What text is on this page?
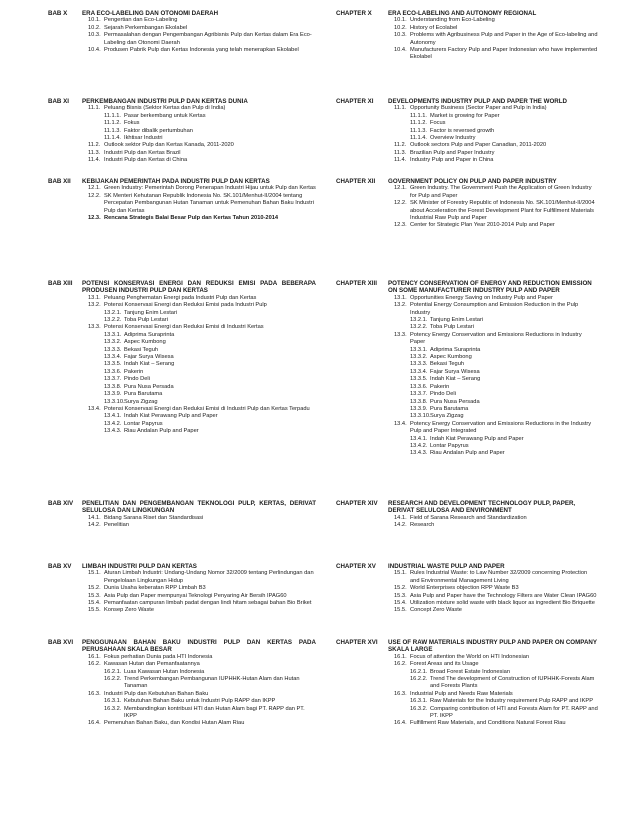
BAB X	ERA ECO-LABELING DAN OTONOMI DAERAH
10.1. Pengertian dan Eco-Labeling
10.2. Sejarah Perkembangan Ekolabel
10.3. Permasalahan dengan Pengembangan Agribisnis Pulp dan Kertas dalam Era Eco-Labeling dan Otonomi Daerah
10.4. Produsen Pabrik Pulp dan Kertas Indonesia yang telah menerapkan Ekolabel
BAB XI	PERKEMBANGAN INDUSTRI PULP DAN KERTAS DUNIA
11.1. Peluang Bisnis (Sektor Kertas dan Pulp di India)
11.1.1. Pasar berkembang untuk Kertas
11.1.2. Fokus
11.1.3. Faktor dibalik pertumbuhan
11.1.4. Ikhtisar Industri
11.2. Outlook sektor Pulp dan Kertas Kanada, 2011-2020
11.3. Industri Pulp dan Kertas Brazil
11.4. Industri Pulp dan Kertas di China
BAB XII	KEBIJAKAN PEMERINTAH PADA INDUSTRI PULP DAN KERTAS
12.1. Green Industry: Pemerintah Dorong Penerapan Industri Hijau untuk Pulp dan Kertas
12.2. SK Menteri Kehutanan Republik Indonesia No. SK.101/Menhut-II/2004 tentang Percepatan Pembangunan Hutan Tanaman untuk Pemenuhan Bahan Baku Industri Pulp dan Kertas
12.3. Rencana Strategis Balai Besar Pulp dan Kertas Tahun 2010-2014
BAB XIII	POTENSI KONSERVASI ENERGI DAN REDUKSI EMISI PADA BEBERAPA PRODUSEN INDUSTRI PULP DAN KERTAS
13.1. Peluang Penghematan Energi pada Industri Pulp dan Kertas
13.2. Potensi Konservasi Energi dan Reduksi Emisi pada Industri Pulp
13.2.1. Tanjung Enim Lestari
13.2.2. Toba Pulp Lestari
13.3. Potensi Konservasi Energi dan Reduksi Emisi di Industri Kertas
13.3.1. Adiprima Suraprinta
13.3.2. Aspec Kumbong
13.3.3. Bekasi Teguh
13.3.4. Fajar Surya Wisesa
13.3.5. Indah Kiat – Serang
13.3.6. Pakerin
13.3.7. Pindo Deli
13.3.8. Pura Nusa Persada
13.3.9. Pura Barutama
13.3.10. Surya Zigzag
13.4. Potensi Konservasi Energi dan Reduksi Emisi di Industri Pulp dan Kertas Terpadu
13.4.1. Indah Kiat Perawang Pulp and Paper
13.4.2. Lontar Papyrus
13.4.3. Riau Andalan Pulp and Paper
BAB XIV	PENELITIAN DAN PENGEMBANGAN TEKNOLOGI PULP, KERTAS, DERIVAT SELULOSA DAN LINGKUNGAN
14.1. Bidang Sarana Riset dan Standardisasi
14.2. Penelitian
BAB XV	LIMBAH INDUSTRI PULP DAN KERTAS
15.1. Aturan Limbah Industri: Undang-Undang Nomor 32/2009 tentang Perlindungan dan Pengelolaan Lingkungan Hidup
15.2. Dunia Usaha keberatan RPP Limbah B3
15.3. Asia Pulp dan Paper mempunyai Teknologi Penyaring Air Bersih IPAG60
15.4. Pemanfaatan campuran limbah padat dengan lindi hitam sebagai bahan Bio Briket
15.5. Konsep Zero Waste
BAB XVI	PENGGUNAAN BAHAN BAKU INDUSTRI PULP DAN KERTAS PADA PERUSAHAAN SKALA BESAR
16.1. Fokus perhatian Dunia pada HTI Indonesia
16.2. Kawasan Hutan dan Pemanfaatannya
16.2.1. Luas Kawasan Hutan Indonesia
16.2.2. Trend Perkembangan Pembangunan IUPHHK-Hutan Alam dan Hutan Tanaman
16.3. Industri Pulp dan Kebutuhan Bahan Baku
16.3.1. Kebutuhan Bahan Baku untuk Industri Pulp RAPP dan IKPP
16.3.2. Membandingkan kontribusi HTI dan Hutan Alam bagi PT. RAPP dan PT. IKPP
16.4. Pemenuhan Bahan Baku, dan Kondisi Hutan Alam Riau
CHAPTER X	ERA ECO-LABELING AND AUTONOMY REGIONAL
10.1. Understanding from Eco-Labeling
10.2. History of Ecolabel
10.3. Problems with Agribusiness Pulp and Paper in the Age of Eco-labeling and Autonomy
10.4. Manufacturers Factory Pulp and Paper Indonesian who have implemented Ekolabel
CHAPTER XI	DEVELOPMENTS INDUSTRY PULP AND PAPER THE WORLD
11.1. Opportunity Business (Sector Paper and Pulp in India)
11.1.1. Market is growing for Paper
11.1.2. Focus
11.1.3. Factor is reversed growth
11.1.4. Overview Industry
11.2. Outlook sectors Pulp and Paper Canadian, 2011-2020
11.3. Brazilian Pulp and Paper Industry
11.4. Industry Pulp and Paper in China
CHAPTER XII	GOVERNMENT POLICY ON PULP AND PAPER INDUSTRY
12.1. Green Industry. The Government Push the Application of Green Industry for Pulp and Paper
12.2. SK Minister of Forestry Republic of Indonesia No. SK.101/Menhut-II/2004 about Acceleration the Forest Development Plant for Fulfillment Materials Industrial Raw Pulp and Paper
12.3. Center for Strategic Plan Year 2010-2014 Pulp and Paper
CHAPTER XIII	POTENCY CONSERVATION OF ENERGY AND REDUCTION EMISSION ON SOME MANUFACTURER INDUSTRY PULP AND PAPER
13.1. Opportunities Energy Saving on Industry Pulp and Paper
13.2. Potential Energy Consumption and Emission Reduction in the Pulp Industry
13.2.1. Tanjung Enim Lestari
13.2.2. Toba Pulp Lestari
13.3. Potency Energy Conservation and Emissions Reductions in Industry Paper
13.3.1. Adiprima Suraprinta
13.3.2. Aspec Kumbong
13.3.3. Bekasi Teguh
13.3.4. Fajar Surya Wisesa
13.3.5. Indah Kiat – Serang
13.3.6. Pakerin
13.3.7. Pindo Deli
13.3.8. Pura Nusa Persada
13.3.9. Pura Barutama
13.3.10. Surya Zigzag
13.4. Potency Energy Conservation and Emissions Reductions in the Industry Pulp and Paper Integrated
13.4.1. Indah Kiat Perawang Pulp and Paper
13.4.2. Lontar Papyrus
13.4.3. Riau Andalan Pulp and Paper
CHAPTER XIV	RESEARCH AND DEVELOPMENT TECHNOLOGY PULP, PAPER, DERIVAT SELULOSA AND ENVIRONMENT
14.1. Field of Sarana Research and Standardization
14.2. Research
CHAPTER XV	INDUSTRIAL WASTE PULP AND PAPER
15.1. Rules Industrial Waste: to Law Number 32/2009 concerning Protection and Environmental Management Living
15.2. World Enterprises objection RPP Waste B3
15.3. Asia Pulp and Paper have the Technology Filters are Water Clean IPAG60
15.4. Utilization mixture solid waste with black liquor as ingredient Bio Briquette
15.5. Concept Zero Waste
CHAPTER XVI	USE OF RAW MATERIALS INDUSTRY PULP AND PAPER ON COMPANY SKALA LARGE
16.1. Focus of attention the World on HTI Indonesian
16.2. Forest Areas and its Usage
16.2.1. Broad Forest Estate Indonesian
16.2.2. Trend The development of Construction of IUPHHK-Forests Alam and Forests Plants
16.3. Industrial Pulp and Needs Raw Materials
16.3.1. Raw Materials for the Industry requirement Pulp RAPP and IKPP
16.3.2. Comparing contribution of HTI and Forests Alam for PT. RAPP and PT. IKPP
16.4. Fulfillment Raw Materials, and Conditions Natural Forest Riau
